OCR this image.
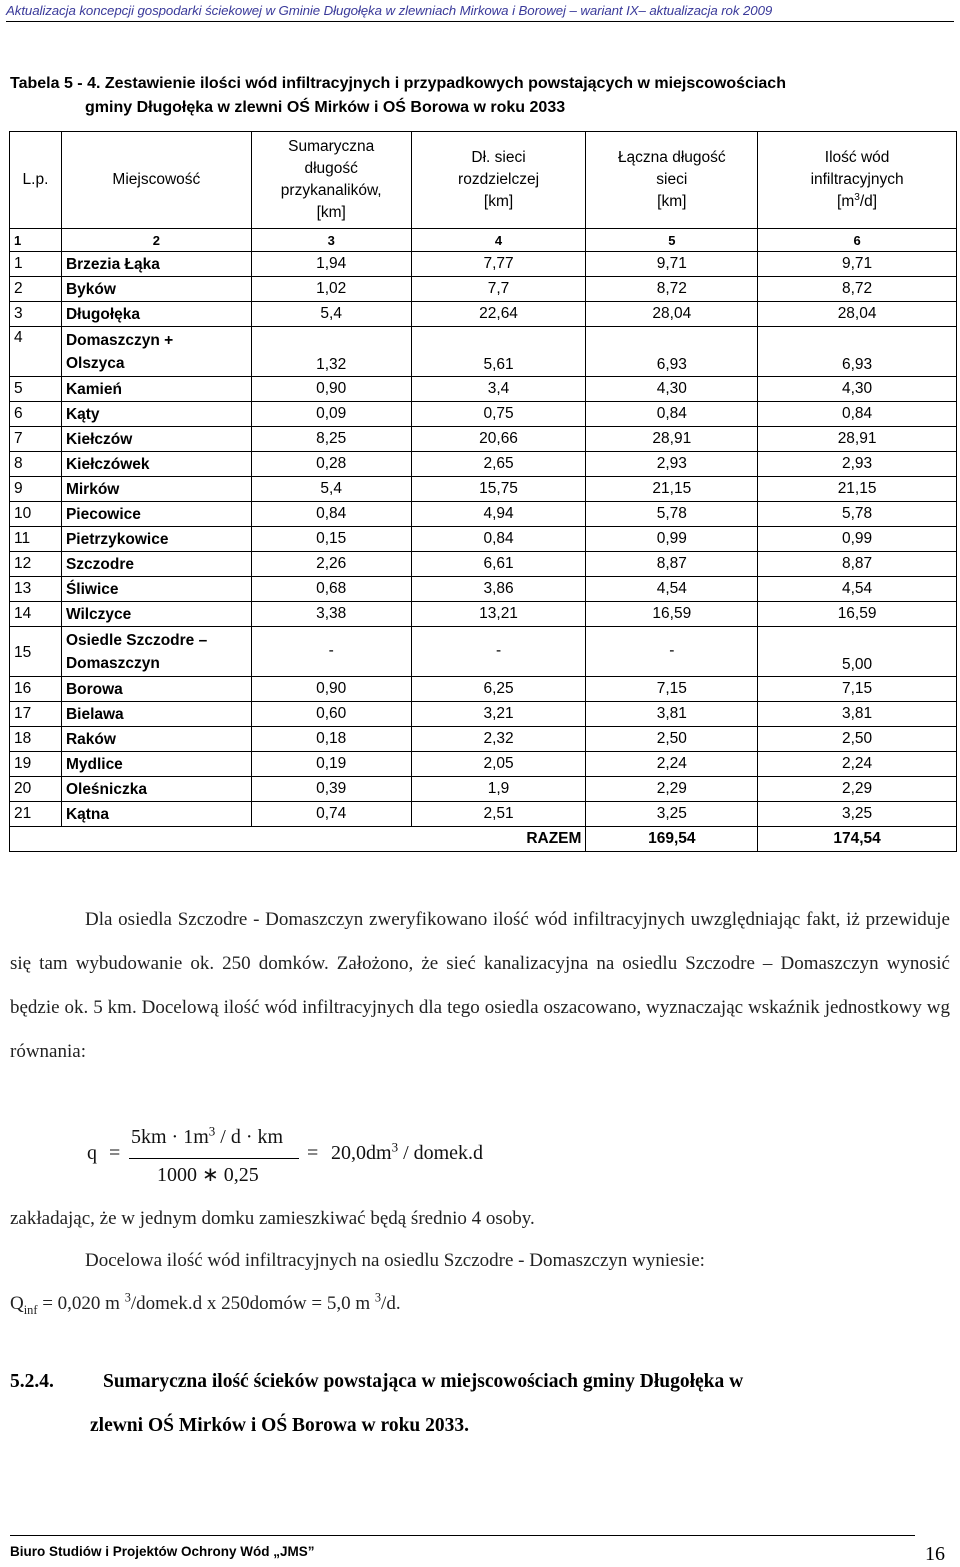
Aktualizacja koncepcji gospodarki ściekowej w Gminie Długołęka w zlewniach Mirkowa i Borowej – wariant IX– aktualizacja rok 2009
Tabela 5 - 4. Zestawienie ilości wód infiltracyjnych i przypadkowych powstających w miejscowościach
gminy Długołęka w zlewni OŚ Mirków i OŚ Borowa w roku 2033
L.p.	Miejscowość	Sumaryczna
długość
przykanalików,
[km]	Dł. sieci
rozdzielczej
[km]	Łączna długość
sieci
[km]	Ilość wód
infiltracyjnych
$[m^3/d]$

1	2	3	4	5	6
1	Brzezia Łąka	1,94	7,77	9,71	9,71
2	Byków	1,02	7,7	8,72	8,72
3	Długołęka	5,4	22,64	28,04	28,04
4	Domaszczyn +
Olszyca	1,32	5,61	6,93	6,93
5	Kamień	0,90	3,4	4,30	4,30
6	Kąty	0,09	0,75	0,84	0,84
7	Kiełczów	8,25	20,66	28,91	28,91
8	Kiełczówek	0,28	2,65	2,93	2,93
9	Mirków	5,4	15,75	21,15	21,15
10	Piecowice	0,84	4,94	5,78	5,78
11	Pietrzykowice	0,15	0,84	0,99	0,99
12	Szczodre	2,26	6,61	8,87	8,87
13	Śliwice	0,68	3,86	4,54	4,54
14	Wilczyce	3,38	13,21	16,59	16,59
15	Osiedle Szczodre –
Domaszczyn	-	-	-	5,00
16	Borowa	0,90	6,25	7,15	7,15
17	Bielawa	0,60	3,21	3,81	3,81
18	Raków	0,18	2,32	2,50	2,50
19	Mydlice	0,19	2,05	2,24	2,24
20	Oleśniczka	0,39	1,9	2,29	2,29
21	Kątna	0,74	2,51	3,25	3,25
RAZEM				169,54	174,54

Dla osiedla Szczodre - Domaszczyn zweryfikowano ilość wód infiltracyjnych uwzględniając fakt, iż przewiduje się tam wybudowanie ok. 250 domków. Założono, że sieć kanalizacyjna na osiedlu Szczodre – Domaszczyn wynosić będzie ok. 5 km. Docelową ilość wód infiltracyjnych dla tego osiedla oszacowano, wyznaczając wskaźnik jednostkowy wg równania:

q =
$5km \cdot 1m^3 / d$ · km
1000 ∗ 0,25
= $20,0dm^3$ / domek.d
zakładając, że w jednym domku zamieszkiwać będą średnio 4 osoby.
Docelowa ilość wód infiltracyjnych na osiedlu Szczodre - Domaszczyn wyniesie:
$Q_{inf} = 0,020$ m $^3$/domek.d x 250domów = 5,0 m $^3$/d.
5.2.4.	Sumaryczna ilość ścieków powstająca w miejscowościach gminy Długołęka w
zlewni OŚ Mirków i OŚ Borowa w roku 2033.
Biuro Studiów i Projektów Ochrony Wód „JMS”	16
